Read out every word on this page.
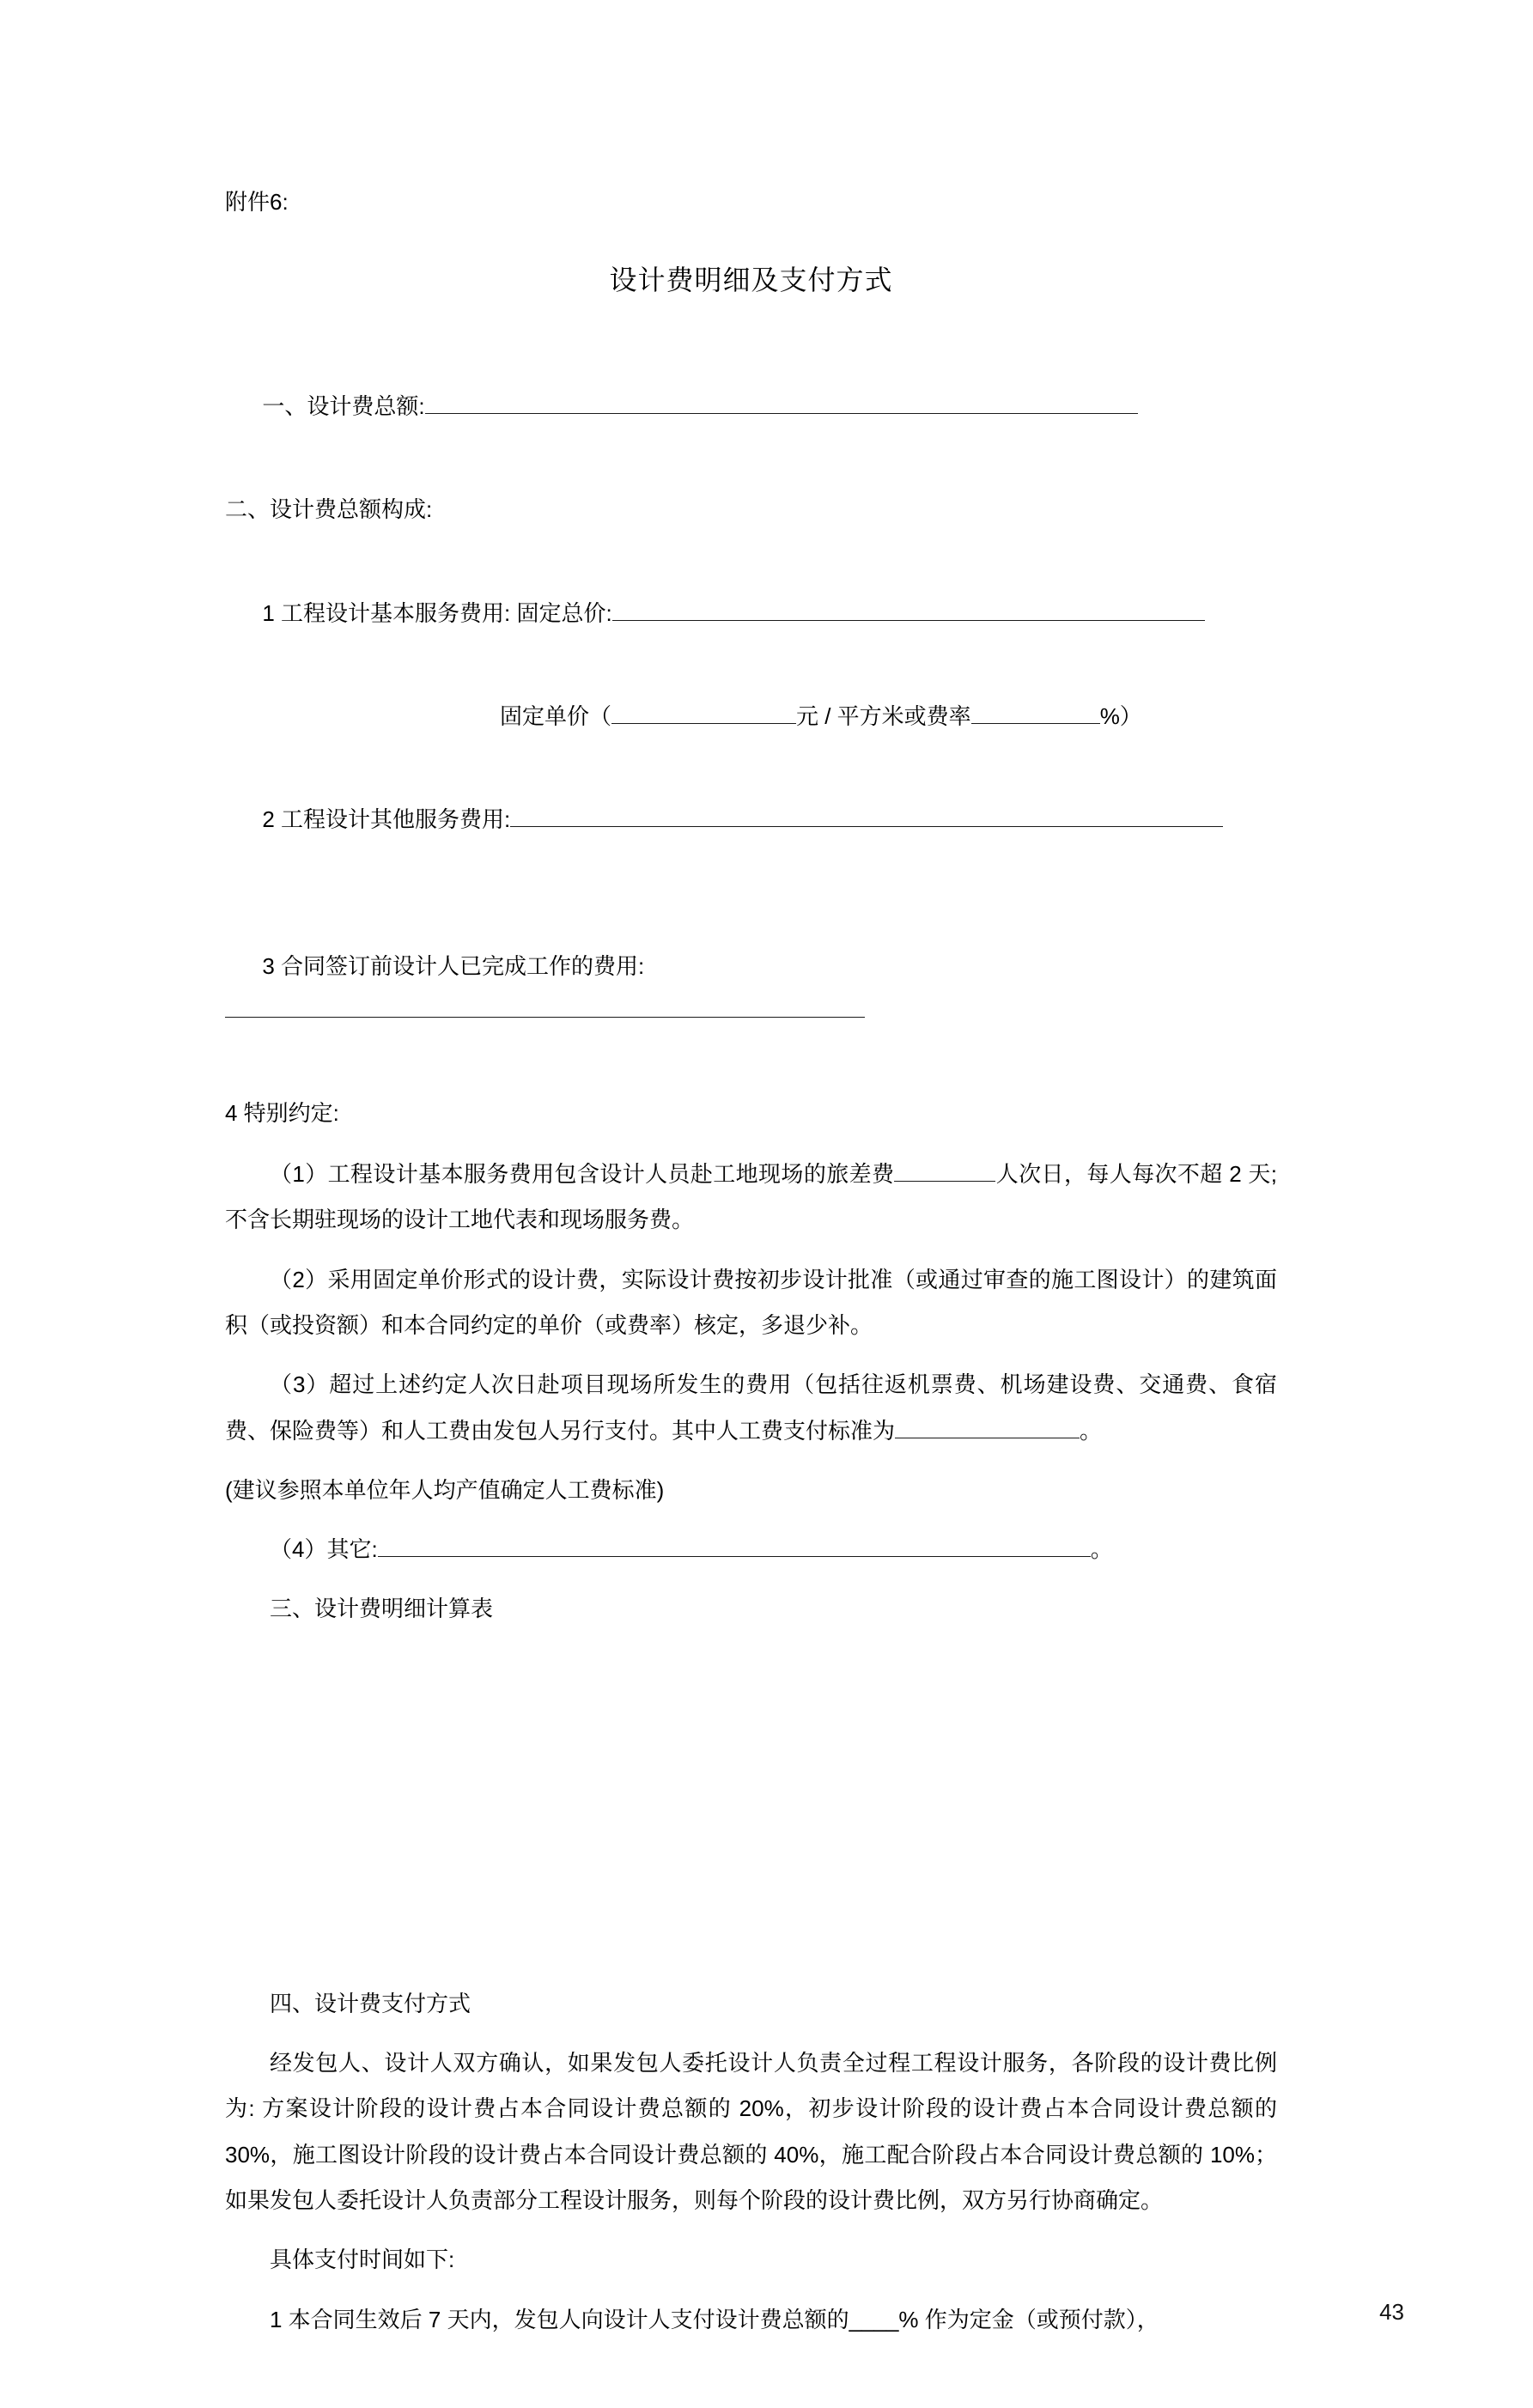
附件6:
设计费明细及支付方式

一、设计费总额:

二、设计费总额构成:

1 工程设计基本服务费用: 固定总价:

固定单价（	元 / 平方米或费率	%）

2 工程设计其他服务费用:

3 合同签订前设计人已完成工作的费用:

4 特别约定:
（1）工程设计基本服务费用包含设计人员赴工地现场的旅差费	人次日，每人每次不超 2 天; 不含长期驻现场的设计工地代表和现场服务费。
（2）采用固定单价形式的设计费，实际设计费按初步设计批准（或通过审查的施工图设计）的建筑面积（或投资额）和本合同约定的单价（或费率）核定，多退少补。
（3）超过上述约定人次日赴项目现场所发生的费用（包括往返机票费、机场建设费、交通费、食宿费、保险费等）和人工费由发包人另行支付。其中人工费支付标准为	。
(建议参照本单位年人均产值确定人工费标准)
（4）其它:	。
三、设计费明细计算表
四、设计费支付方式
经发包人、设计人双方确认，如果发包人委托设计人负责全过程工程设计服务，各阶段的设计费比例为: 方案设计阶段的设计费占本合同设计费总额的 20%，初步设计阶段的设计费占本合同设计费总额的 30%，施工图设计阶段的设计费占本合同设计费总额的 40%，施工配合阶段占本合同设计费总额的 10%；如果发包人委托设计人负责部分工程设计服务，则每个阶段的设计费比例，双方另行协商确定。
具体支付时间如下:
1 本合同生效后 7 天内，发包人向设计人支付设计费总额的____% 作为定金（或预付款），	43
